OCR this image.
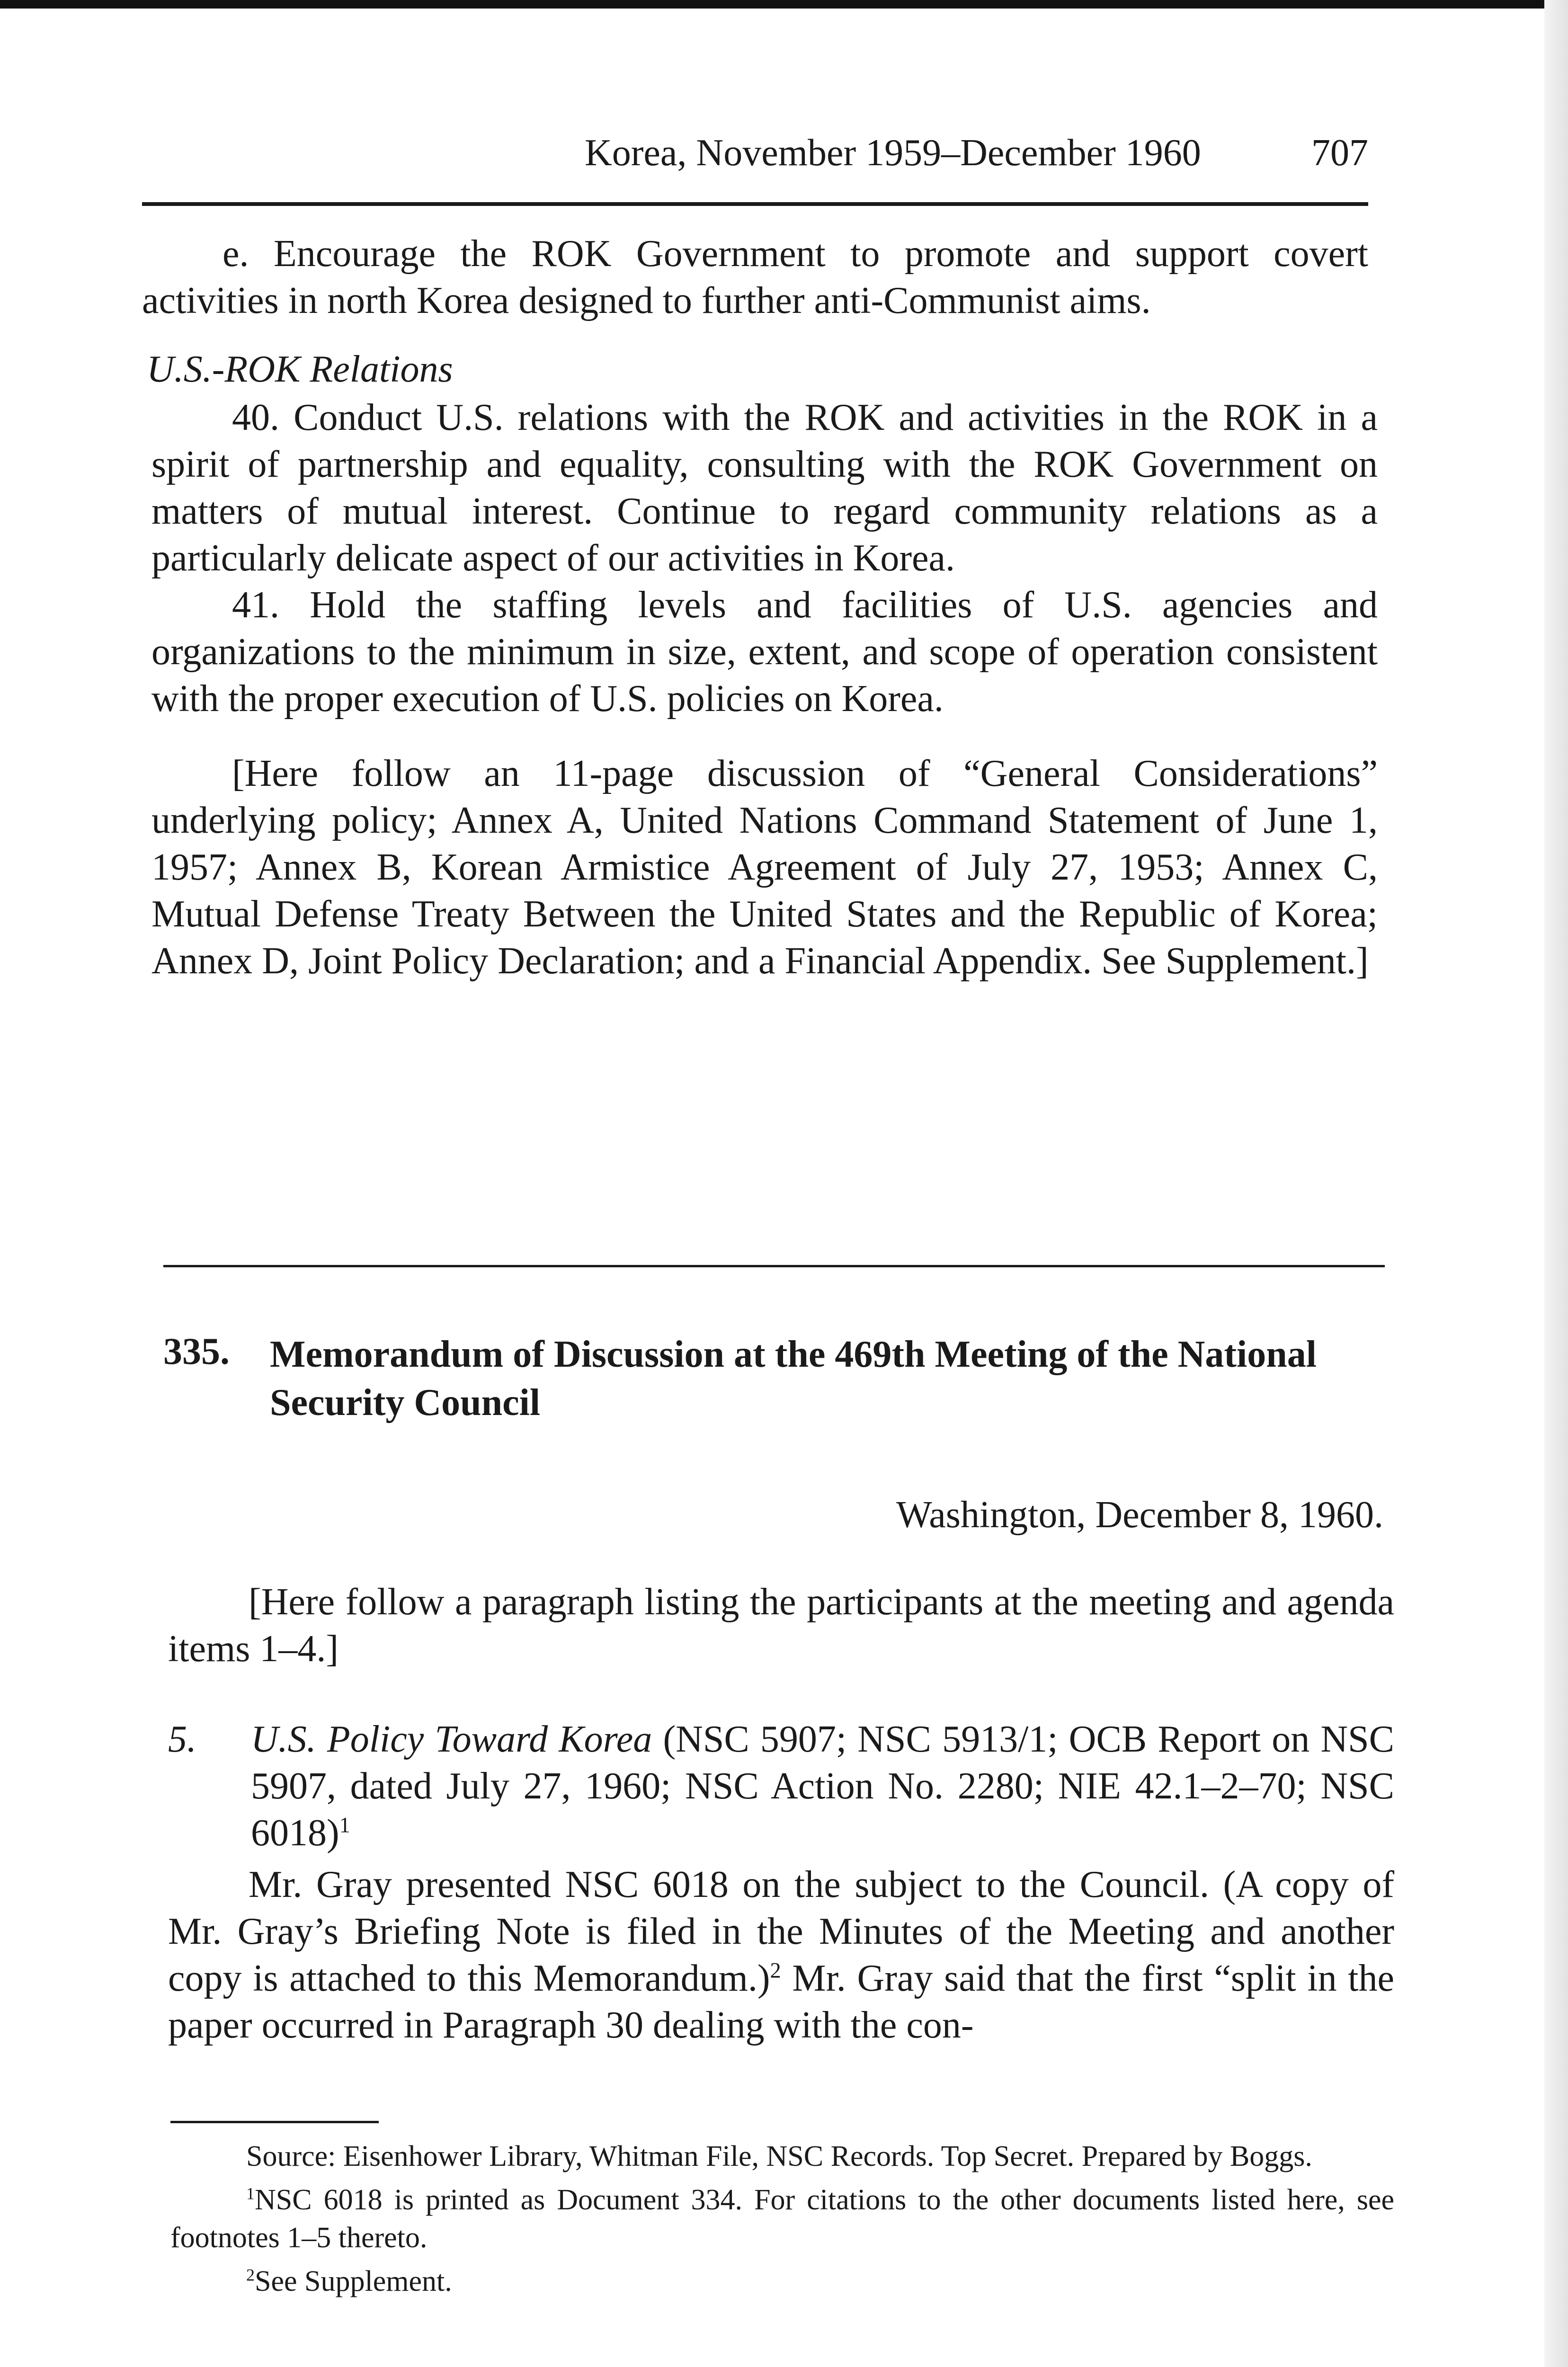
Korea, November 1959–December 1960	707

e. Encourage the ROK Government to promote and support covert activities in north Korea designed to further anti-Communist aims.

U.S.-ROK Relations

40. Conduct U.S. relations with the ROK and activities in the ROK in a spirit of partnership and equality, consulting with the ROK Government on matters of mutual interest. Continue to regard community relations as a particularly delicate aspect of our activities in Korea.

41. Hold the staffing levels and facilities of U.S. agencies and organizations to the minimum in size, extent, and scope of operation consistent with the proper execution of U.S. policies on Korea.

[Here follow an 11-page discussion of “General Considerations” underlying policy; Annex A, United Nations Command Statement of June 1, 1957; Annex B, Korean Armistice Agreement of July 27, 1953; Annex C, Mutual Defense Treaty Between the United States and the Republic of Korea; Annex D, Joint Policy Declaration; and a Financial Appendix. See Supplement.]

335. Memorandum of Discussion at the 469th Meeting of the National Security Council
Washington, December 8, 1960.

[Here follow a paragraph listing the participants at the meeting and agenda items 1–4.]

5. U.S. Policy Toward Korea (NSC 5907; NSC 5913/1; OCB Report on NSC 5907, dated July 27, 1960; NSC Action No. 2280; NIE 42.1–2–70; NSC 6018)$^1$

Mr. Gray presented NSC 6018 on the subject to the Council. (A copy of Mr. Gray’s Briefing Note is filed in the Minutes of the Meeting and another copy is attached to this Memorandum.)$^2$ Mr. Gray said that the first “split in the paper occurred in Paragraph 30 dealing with the con-

Source: Eisenhower Library, Whitman File, NSC Records. Top Secret. Prepared by Boggs.

$^1$NSC 6018 is printed as Document 334. For citations to the other documents listed here, see footnotes 1–5 thereto.

$^2$See Supplement.
